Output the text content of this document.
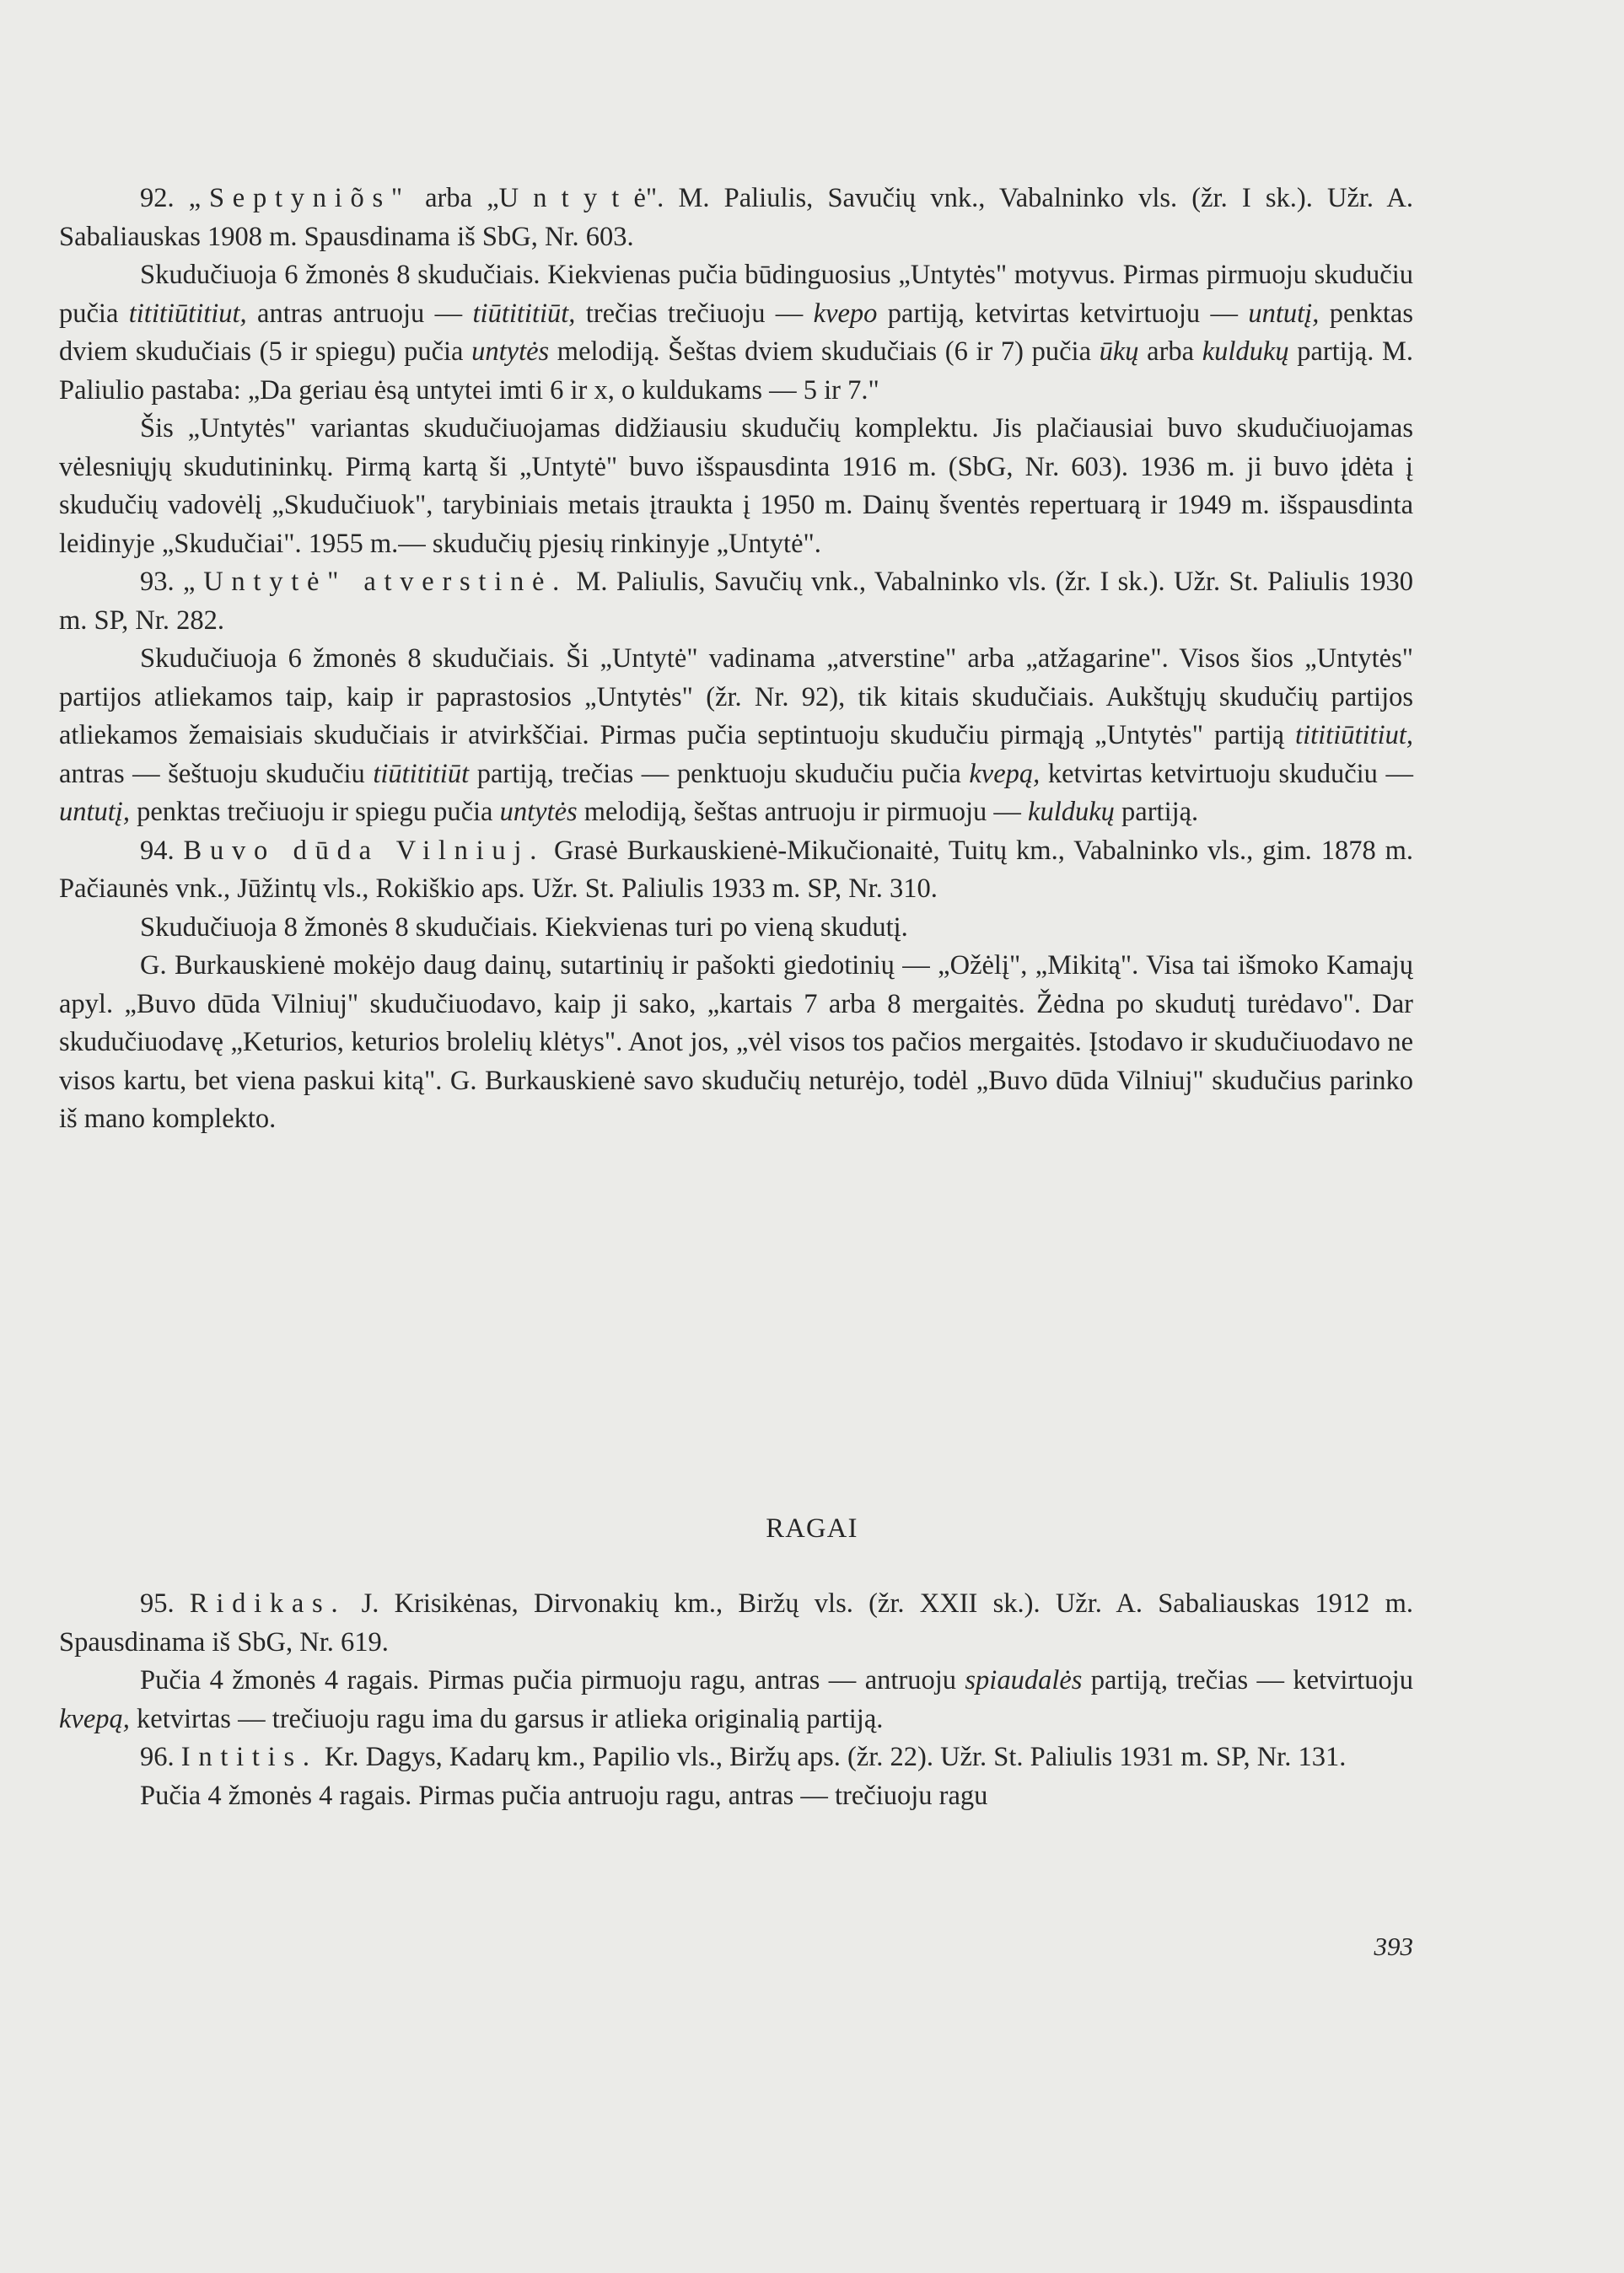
92. „Septyniõs" arba „U n t y t ė". M. Paliulis, Savučių vnk., Vabalninko vls. (žr. I sk.). Užr. A. Sabaliauskas 1908 m. Spausdinama iš SbG, Nr. 603.

Skudučiuoja 6 žmonės 8 skudučiais. Kiekvienas pučia būdinguosius „Untytės" motyvus. Pirmas pirmuoju skudučiu pučia tititiūtitiut, antras antruoju — tiūtititiūt, trečias trečiuoju — kvepo partiją, ketvirtas ketvirtuoju — untutį, penktas dviem skudučiais (5 ir spiegu) pučia untytės melodiją. Šeštas dviem skudučiais (6 ir 7) pučia ūkų arba kuldukų partiją. M. Paliulio pastaba: „Da geriau ėsą untytei imti 6 ir x, o kuldukams — 5 ir 7."

Šis „Untytės" variantas skudučiuojamas didžiausiu skudučių komplektu. Jis plačiausiai buvo skudučiuojamas vėlesniųjų skudutininkų. Pirmą kartą ši „Untytė" buvo išspausdinta 1916 m. (SbG, Nr. 603). 1936 m. ji buvo įdėta į skudučių vadovėlį „Skudučiuok", tarybiniais metais įtraukta į 1950 m. Dainų šventės repertuarą ir 1949 m. išspausdinta leidinyje „Skudučiai". 1955 m.— skudučių pjesių rinkinyje „Untytė".

93. „Untytė" atverstinė. M. Paliulis, Savučių vnk., Vabalninko vls. (žr. I sk.). Užr. St. Paliulis 1930 m. SP, Nr. 282.

Skudučiuoja 6 žmonės 8 skudučiais. Ši „Untytė" vadinama „atverstine" arba „atžagarine". Visos šios „Untytės" partijos atliekamos taip, kaip ir paprastosios „Untytės" (žr. Nr. 92), tik kitais skudučiais. Aukštųjų skudučių partijos atliekamos žemaisiais skudučiais ir atvirkščiai. Pirmas pučia septintuoju skudučiu pirmąją „Untytės" partiją tititiūtitiut, antras — šeštuoju skudučiu tiūtititiūt partiją, trečias — penktuoju skudučiu pučia kvepą, ketvirtas ketvirtuoju skudučiu — untutį, penktas trečiuoju ir spiegu pučia untytės melodiją, šeštas antruoju ir pirmuoju — kuldukų partiją.

94. Buvo dūda Vilniuj. Grasė Burkauskienė-Mikučionaitė, Tuitų km., Vabalninko vls., gim. 1878 m. Pačiaunės vnk., Jūžintų vls., Rokiškio aps. Užr. St. Paliulis 1933 m. SP, Nr. 310.

Skudučiuoja 8 žmonės 8 skudučiais. Kiekvienas turi po vieną skudutį.

G. Burkauskienė mokėjo daug dainų, sutartinių ir pašokti giedotinių — „Ožėlį", „Mikitą". Visa tai išmoko Kamajų apyl. „Buvo dūda Vilniuj" skudučiuodavo, kaip ji sako, „kartais 7 arba 8 mergaitės. Žėdna po skudutį turėdavo". Dar skudučiuodavę „Keturios, keturios brolelių klėtys". Anot jos, „vėl visos tos pačios mergaitės. Įstodavo ir skudučiuodavo ne visos kartu, bet viena paskui kitą". G. Burkauskienė savo skudučių neturėjo, todėl „Buvo dūda Vilniuj" skudučius parinko iš mano komplekto.

RAGAI

95. Ridikas. J. Krisikėnas, Dirvonakių km., Biržų vls. (žr. XXII sk.). Užr. A. Sabaliauskas 1912 m. Spausdinama iš SbG, Nr. 619.

Pučia 4 žmonės 4 ragais. Pirmas pučia pirmuoju ragu, antras — antruoju spiaudalės partiją, trečias — ketvirtuoju kvepą, ketvirtas — trečiuoju ragu ima du garsus ir atlieka originalią partiją.

96. Intitis. Kr. Dagys, Kadarų km., Papilio vls., Biržų aps. (žr. 22). Užr. St. Paliulis 1931 m. SP, Nr. 131.

Pučia 4 žmonės 4 ragais. Pirmas pučia antruoju ragu, antras — trečiuoju ragu

393
